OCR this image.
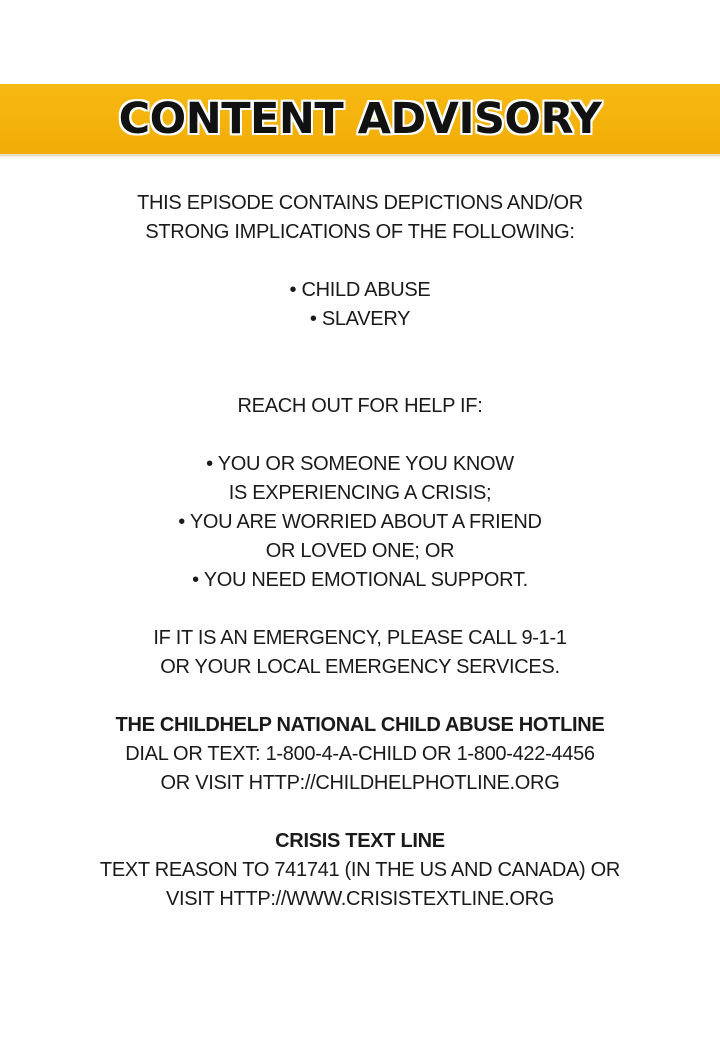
CONTENT ADVISORY
THIS EPISODE CONTAINS DEPICTIONS AND/OR
STRONG IMPLICATIONS OF THE FOLLOWING:
• CHILD ABUSE
• SLAVERY
REACH OUT FOR HELP IF:
• YOU OR SOMEONE YOU KNOW
IS EXPERIENCING A CRISIS;
• YOU ARE WORRIED ABOUT A FRIEND
OR LOVED ONE; OR
• YOU NEED EMOTIONAL SUPPORT.
IF IT IS AN EMERGENCY, PLEASE CALL 9-1-1
OR YOUR LOCAL EMERGENCY SERVICES.
THE CHILDHELP NATIONAL CHILD ABUSE HOTLINE
DIAL OR TEXT: 1-800-4-A-CHILD OR 1-800-422-4456
OR VISIT HTTP://CHILDHELPHOTLINE.ORG
CRISIS TEXT LINE
TEXT REASON TO 741741 (IN THE US AND CANADA) OR
VISIT HTTP://WWW.CRISISTEXTLINE.ORG
